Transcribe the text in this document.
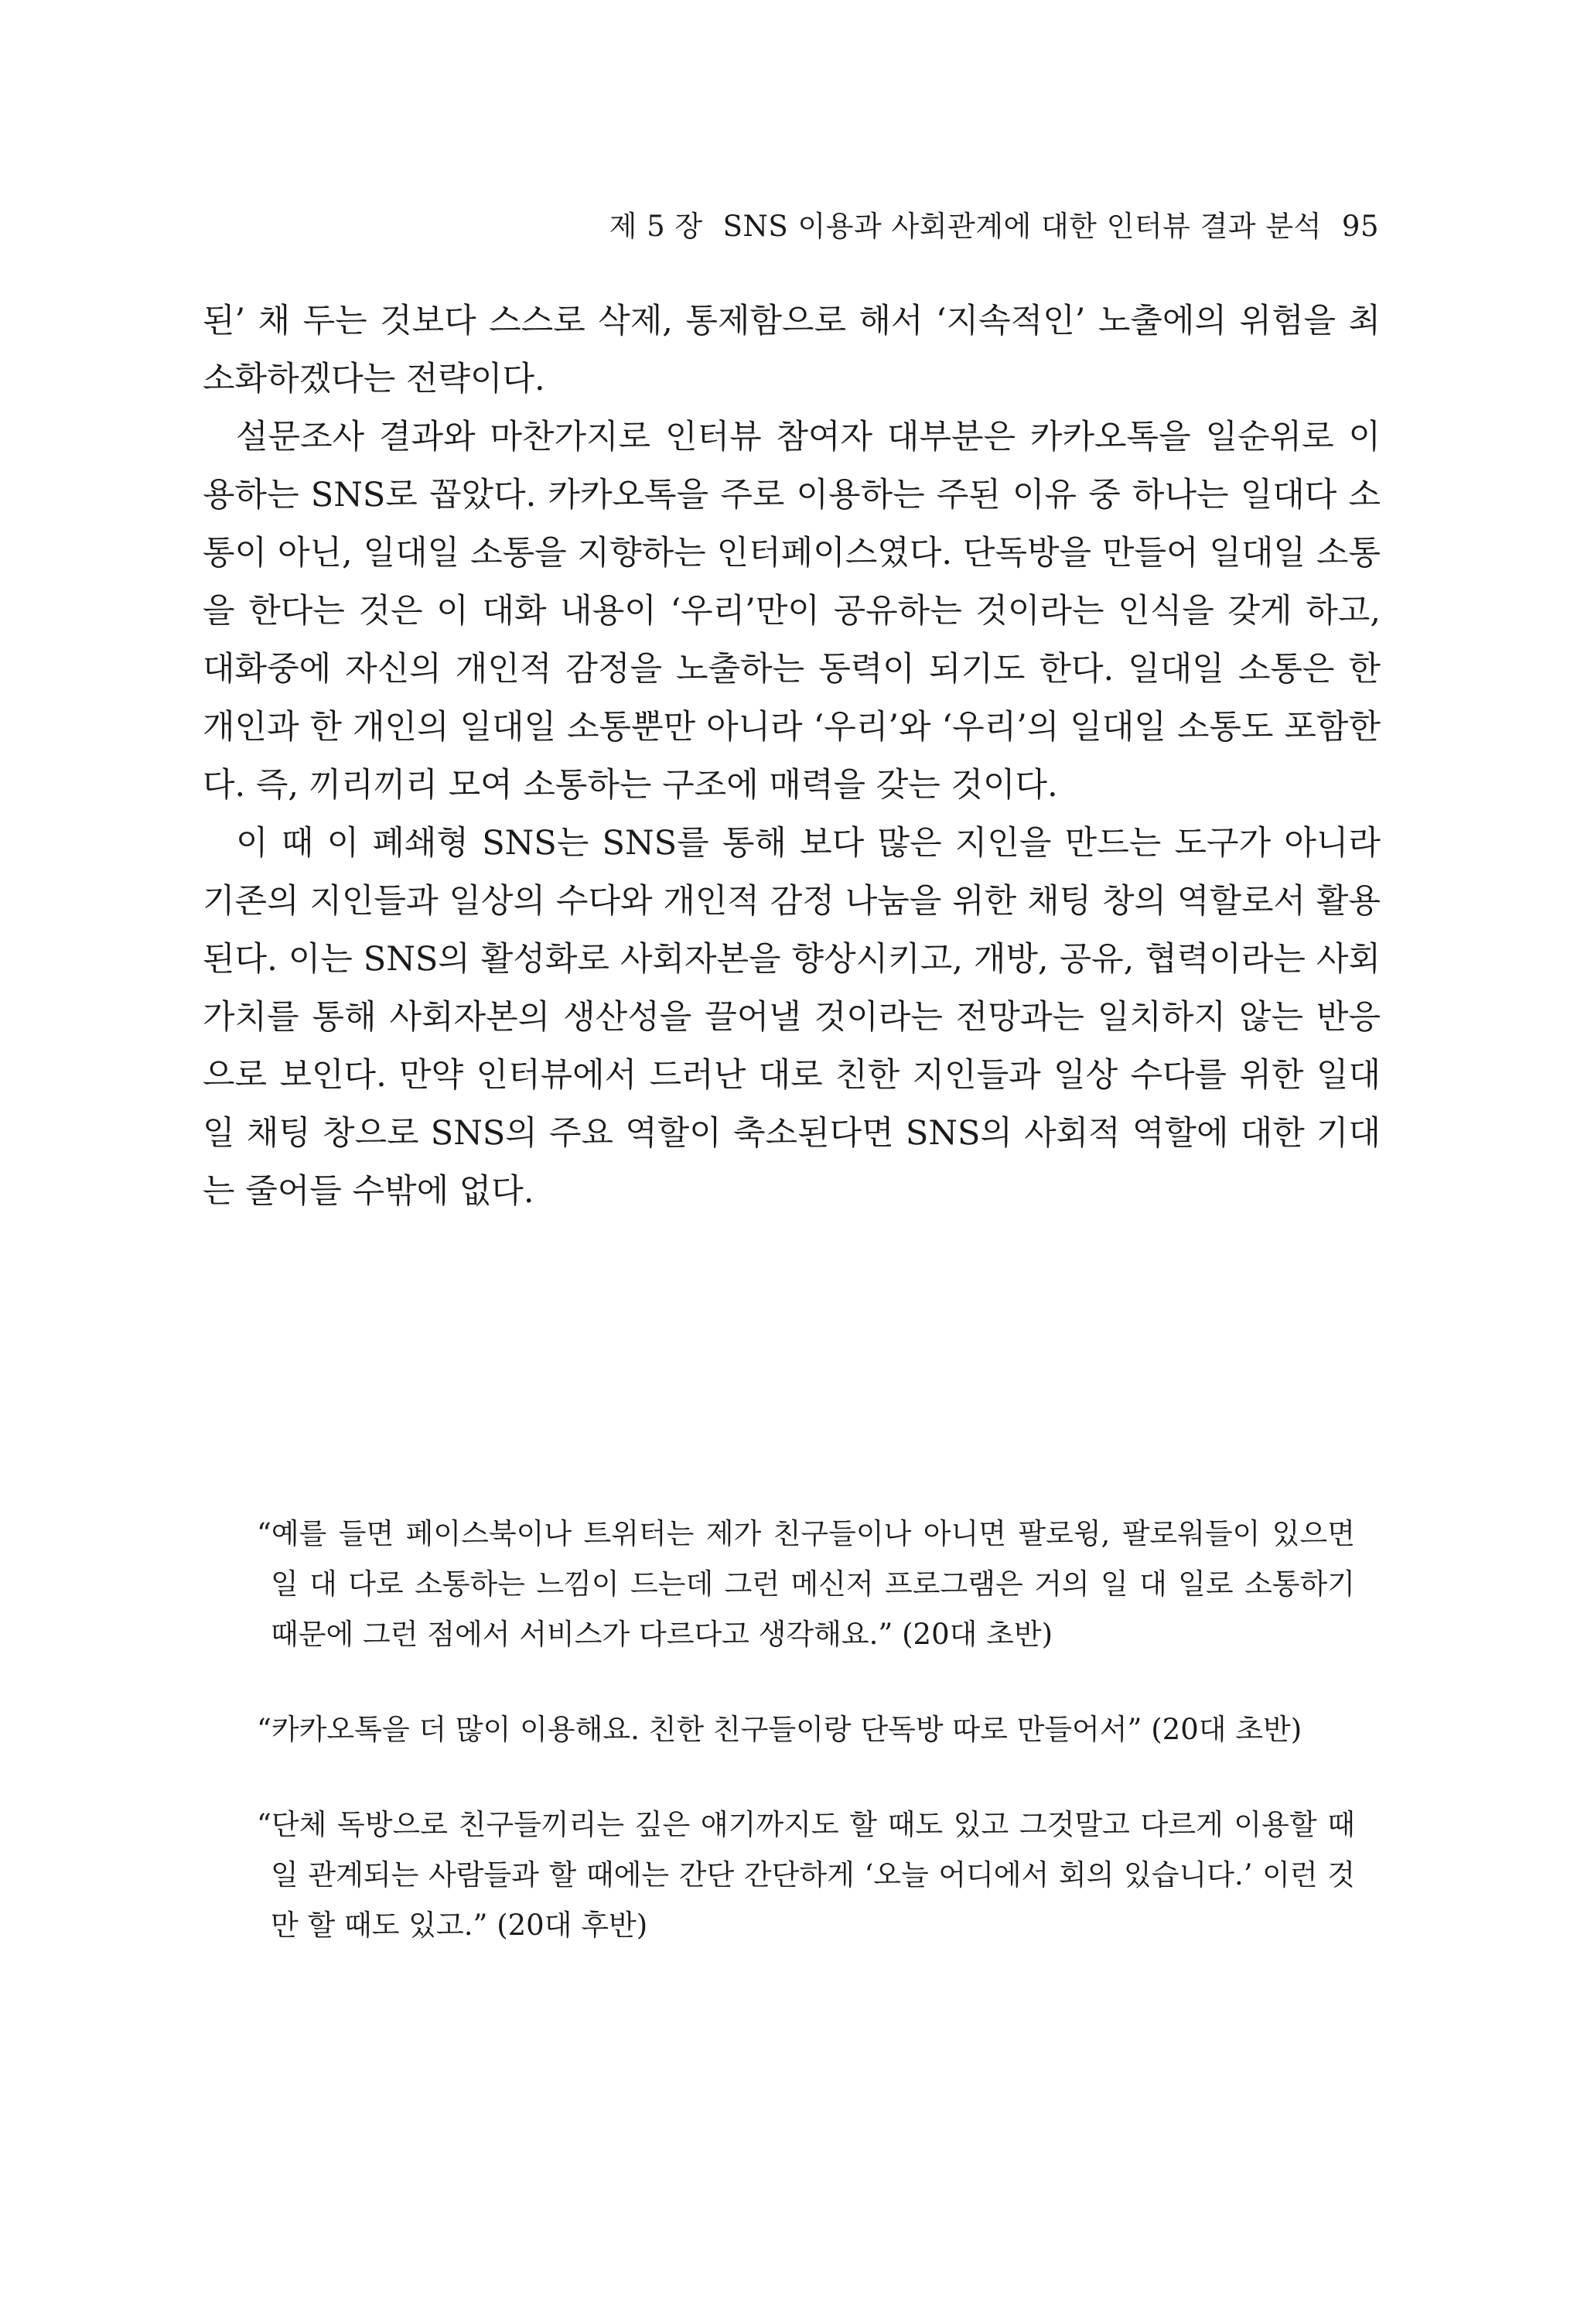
제 5 장 SNS 이용과 사회관계에 대한 인터뷰 결과 분석 95

된’ 채 두는 것보다 스스로 삭제, 통제함으로 해서 ‘지속적인’ 노출에의 위험을 최소화하겠다는 전략이다.

설문조사 결과와 마찬가지로 인터뷰 참여자 대부분은 카카오톡을 일순위로 이용하는 SNS로 꼽았다. 카카오톡을 주로 이용하는 주된 이유 중 하나는 일대다 소통이 아닌, 일대일 소통을 지향하는 인터페이스였다. 단독방을 만들어 일대일 소통을 한다는 것은 이 대화 내용이 ‘우리’만이 공유하는 것이라는 인식을 갖게 하고, 대화중에 자신의 개인적 감정을 노출하는 동력이 되기도 한다. 일대일 소통은 한 개인과 한 개인의 일대일 소통뿐만 아니라 ‘우리’와 ‘우리’의 일대일 소통도 포함한다. 즉, 끼리끼리 모여 소통하는 구조에 매력을 갖는 것이다.

이 때 이 폐쇄형 SNS는 SNS를 통해 보다 많은 지인을 만드는 도구가 아니라 기존의 지인들과 일상의 수다와 개인적 감정 나눔을 위한 채팅 창의 역할로서 활용된다. 이는 SNS의 활성화로 사회자본을 향상시키고, 개방, 공유, 협력이라는 사회가치를 통해 사회자본의 생산성을 끌어낼 것이라는 전망과는 일치하지 않는 반응으로 보인다. 만약 인터뷰에서 드러난 대로 친한 지인들과 일상 수다를 위한 일대일 채팅 창으로 SNS의 주요 역할이 축소된다면 SNS의 사회적 역할에 대한 기대는 줄어들 수밖에 없다.

“예를 들면 페이스북이나 트위터는 제가 친구들이나 아니면 팔로윙, 팔로워들이 있으면 일 대 다로 소통하는 느낌이 드는데 그런 메신저 프로그램은 거의 일 대 일로 소통하기 때문에 그런 점에서 서비스가 다르다고 생각해요.” (20대 초반)

“카카오톡을 더 많이 이용해요. 친한 친구들이랑 단독방 따로 만들어서” (20대 초반)

“단체 독방으로 친구들끼리는 깊은 얘기까지도 할 때도 있고 그것말고 다르게 이용할 때 일 관계되는 사람들과 할 때에는 간단 간단하게 ‘오늘 어디에서 회의 있습니다.’ 이런 것만 할 때도 있고.” (20대 후반)
